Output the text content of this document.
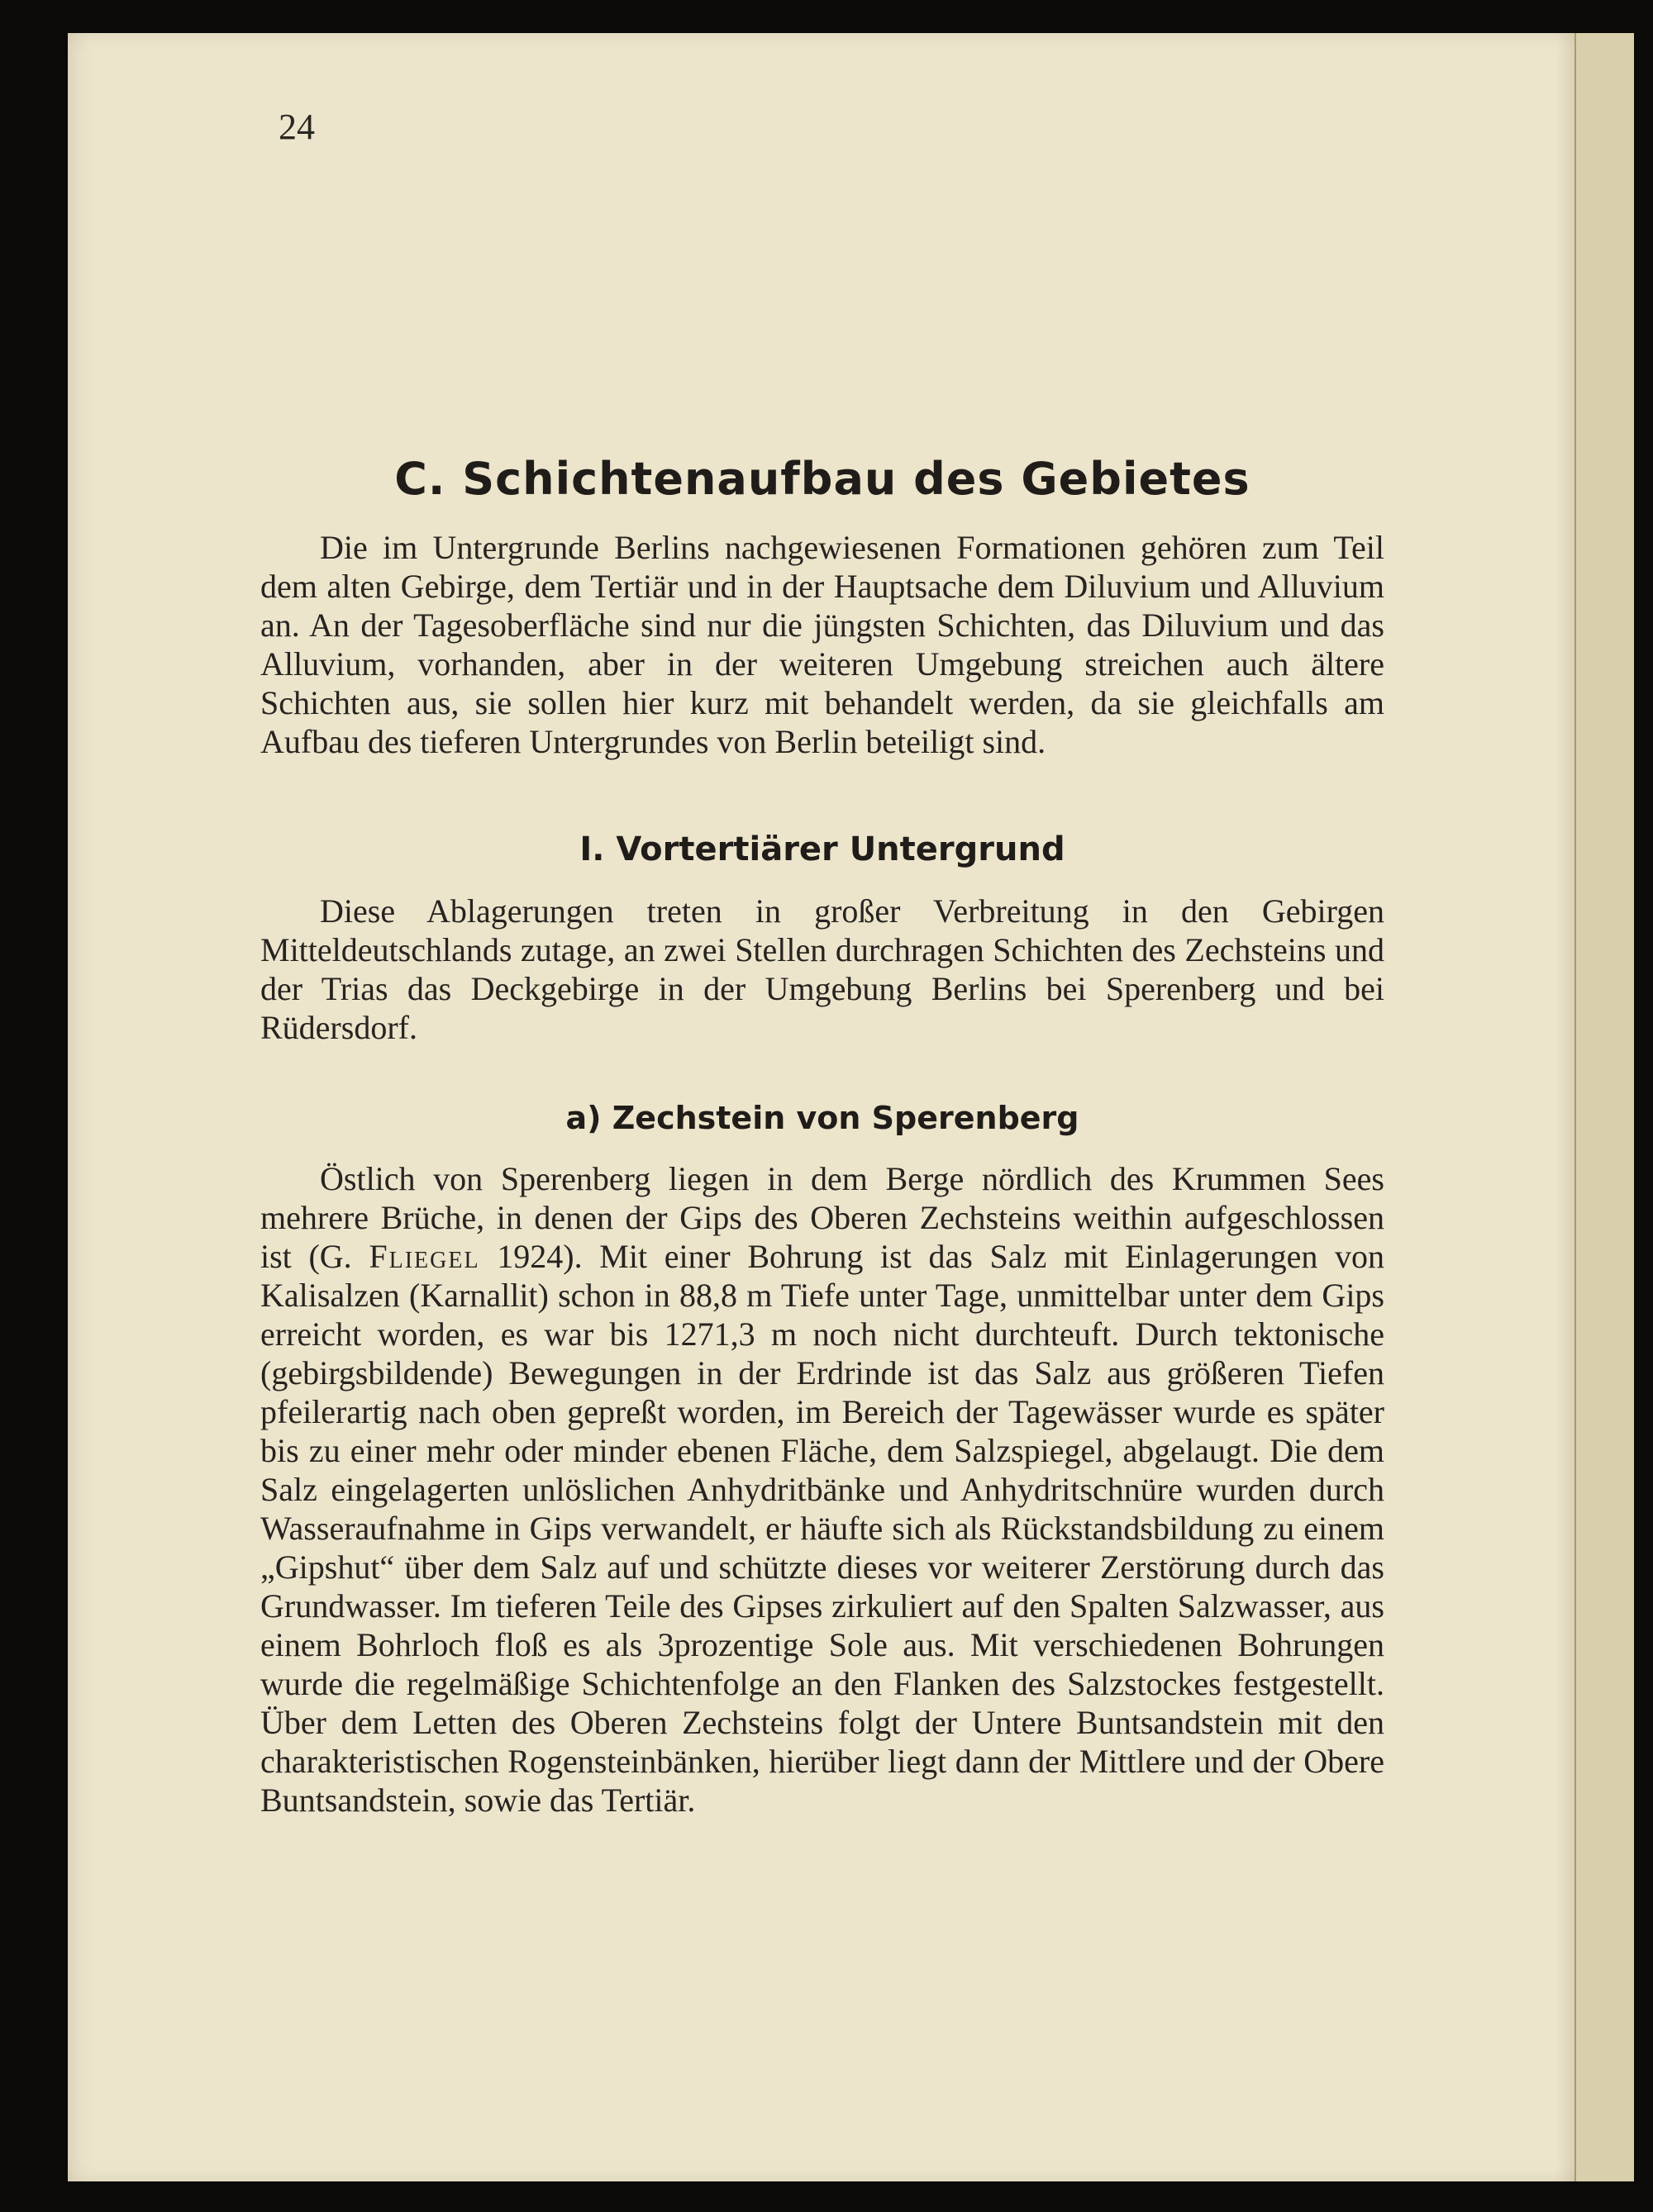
24
C. Schichtenaufbau des Gebietes

Die im Untergrunde Berlins nachgewiesenen Formationen gehören zum Teil dem alten Gebirge, dem Tertiär und in der Hauptsache dem Diluvium und Alluvium an. An der Tagesoberfläche sind nur die jüngsten Schichten, das Diluvium und das Alluvium, vorhanden, aber in der weiteren Umgebung streichen auch ältere Schichten aus, sie sollen hier kurz mit behandelt werden, da sie gleichfalls am Aufbau des tieferen Untergrundes von Berlin beteiligt sind.

I. Vortertiärer Untergrund

Diese Ablagerungen treten in großer Verbreitung in den Gebirgen Mitteldeutschlands zutage, an zwei Stellen durchragen Schichten des Zechsteins und der Trias das Deckgebirge in der Umgebung Berlins bei Sperenberg und bei Rüdersdorf.

a) Zechstein von Sperenberg

Östlich von Sperenberg liegen in dem Berge nördlich des Krummen Sees mehrere Brüche, in denen der Gips des Oberen Zechsteins weithin aufgeschlossen ist (G. Fliegel 1924). Mit einer Bohrung ist das Salz mit Einlagerungen von Kalisalzen (Karnallit) schon in 88,8 m Tiefe unter Tage, unmittelbar unter dem Gips erreicht worden, es war bis 1271,3 m noch nicht durchteuft. Durch tektonische (gebirgsbildende) Bewegungen in der Erdrinde ist das Salz aus größeren Tiefen pfeilerartig nach oben gepreßt worden, im Bereich der Tagewässer wurde es später bis zu einer mehr oder minder ebenen Fläche, dem Salzspiegel, abgelaugt. Die dem Salz eingelagerten unlöslichen Anhydritbänke und Anhydritschnüre wurden durch Wasseraufnahme in Gips verwandelt, er häufte sich als Rückstandsbildung zu einem „Gipshut“ über dem Salz auf und schützte dieses vor weiterer Zerstörung durch das Grundwasser. Im tieferen Teile des Gipses zirkuliert auf den Spalten Salzwasser, aus einem Bohrloch floß es als 3prozentige Sole aus. Mit verschiedenen Bohrungen wurde die regelmäßige Schichtenfolge an den Flanken des Salzstockes festgestellt. Über dem Letten des Oberen Zechsteins folgt der Untere Buntsandstein mit den charakteristischen Rogensteinbänken, hierüber liegt dann der Mittlere und der Obere Buntsandstein, sowie das Tertiär.
